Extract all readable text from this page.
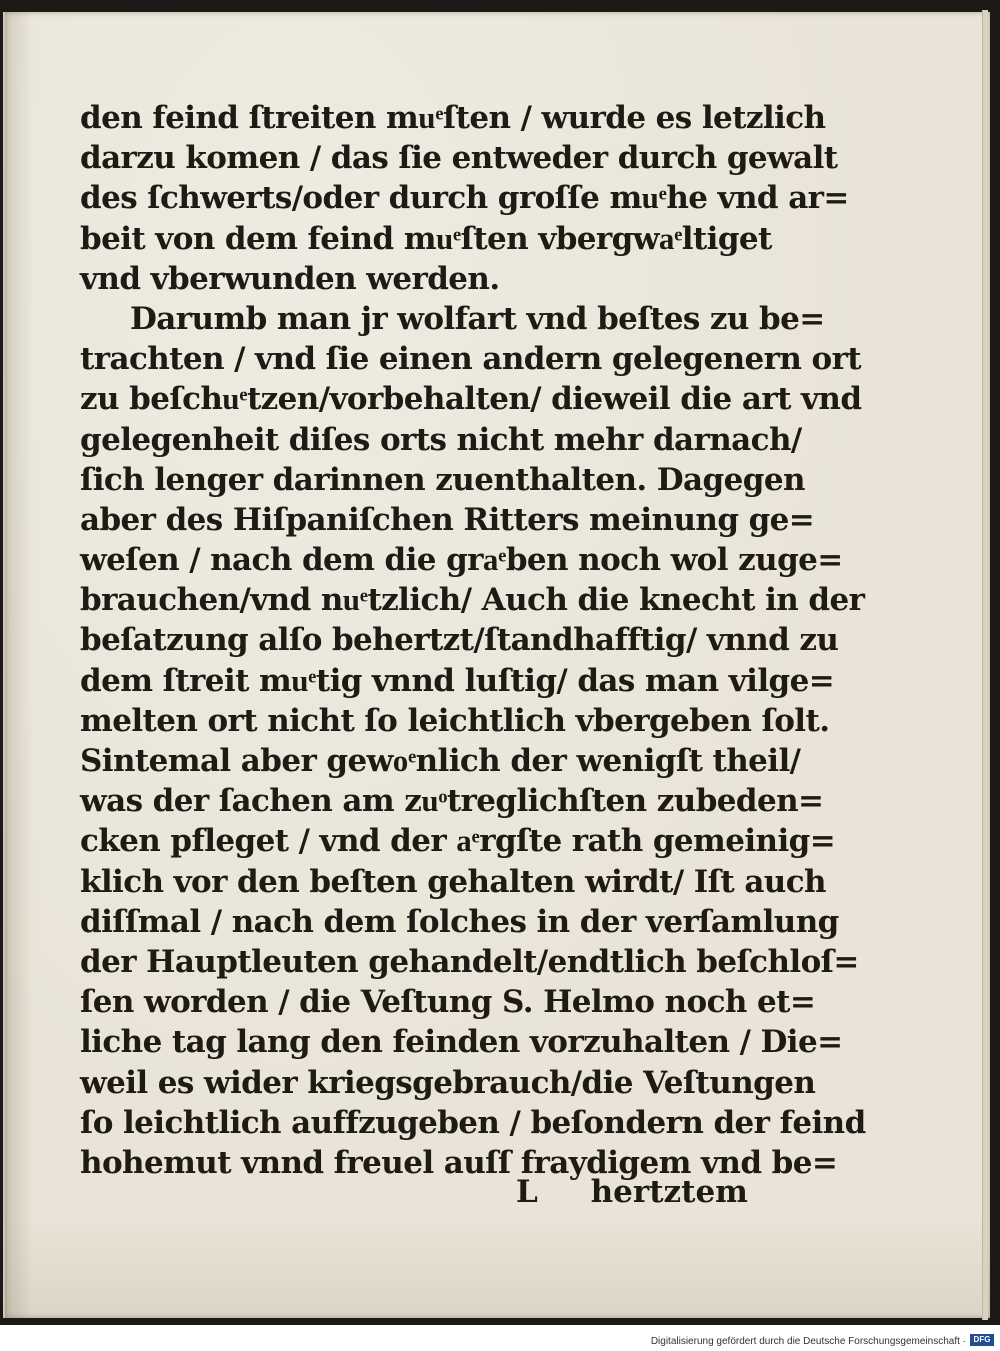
den feind ſtreiten muͤſten / wurde es letzlich
darzu komen / das ſie entweder durch gewalt
des ſchwerts/oder durch groſſe muͤhe vnd ar=
beit von dem feind muͤſten vbergwaͤltiget
vnd vberwunden werden.
Darumb man jr wolfart vnd beſtes zu be=
trachten / vnd ſie einen andern gelegenern ort
zu beſchuͤtzen/vorbehalten/ dieweil die art vnd
gelegenheit diſes orts nicht mehr darnach/
ſich lenger darinnen zuenthalten. Dagegen
aber des Hiſpaniſchen Ritters meinung ge=
weſen / nach dem die graͤben noch wol zuge=
brauchen/vnd nuͤtzlich/ Auch die knecht in der
beſatzung alſo behertzt/ſtandhafftig/ vnnd zu
dem ſtreit muͤtig vnnd luſtig/ das man vilge=
melten ort nicht ſo leichtlich vbergeben ſolt.
Sintemal aber gewoͤnlich der wenigſt theil/
was der ſachen am zuͦtreglichſten zubeden=
cken pfleget / vnd der aͤrgſte rath gemeinig=
klich vor den beſten gehalten wirdt/ Iſt auch
diſſmal / nach dem ſolches in der verſamlung
der Hauptleuten gehandelt/endtlich beſchloſ=
ſen worden / die Veſtung S. Helmo noch et=
liche tag lang den feinden vorzuhalten / Die=
weil es wider kriegsgebrauch/die Veſtungen
ſo leichtlich auffzugeben / beſondern der feind
hohemut vnnd freuel auſſ fraydigem vnd be=
L hertztem
Digitalisierung gefördert durch die Deutsche Forschungsgemeinschaft · DFG
